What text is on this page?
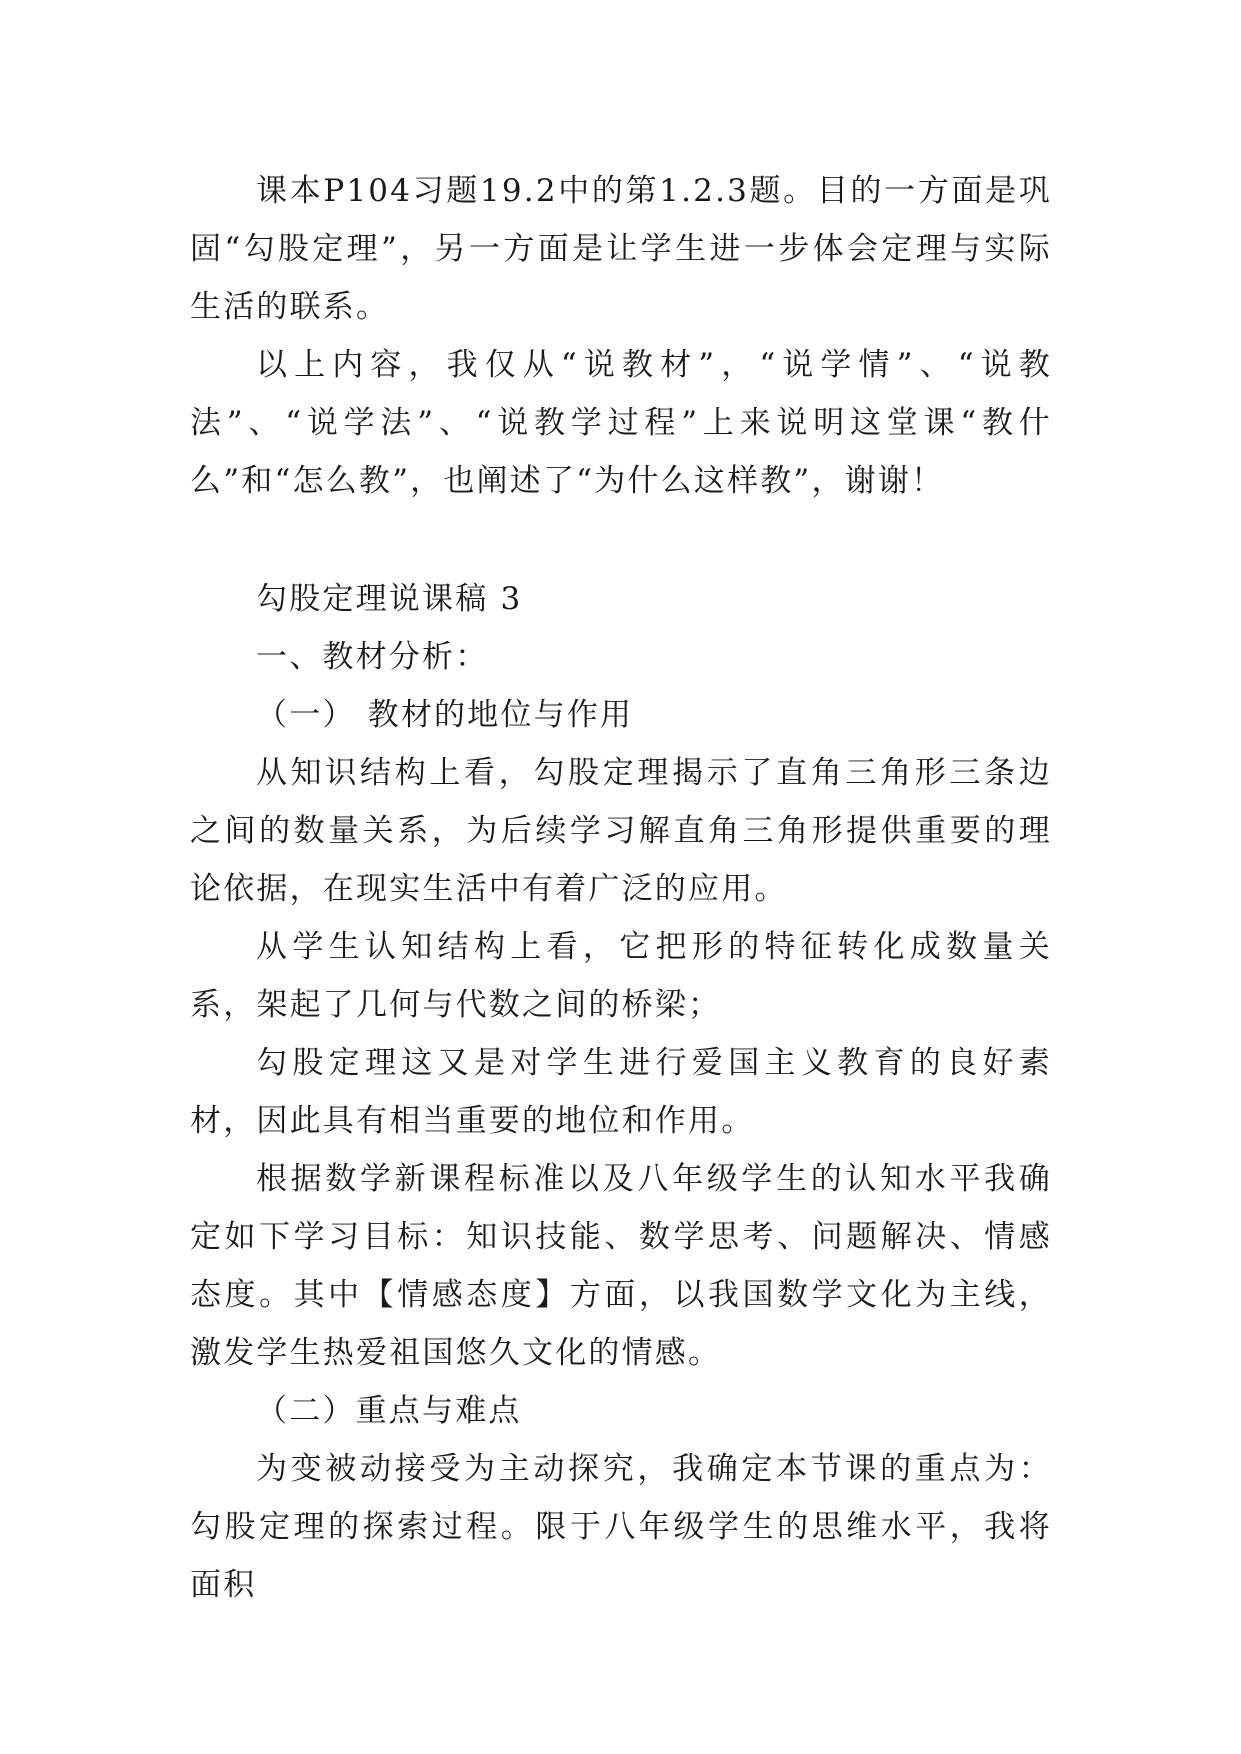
课本P104习题19.2中的第1.2.3题。目的一方面是巩固“勾股定理”，另一方面是让学生进一步体会定理与实际生活的联系。

以上内容，我仅从“说教材”，“说学情”、“说教法”、“说学法”、“说教学过程”上来说明这堂课“教什么”和“怎么教”，也阐述了“为什么这样教”，谢谢！

勾股定理说课稿 3

一、教材分析：

（一） 教材的地位与作用

从知识结构上看，勾股定理揭示了直角三角形三条边之间的数量关系，为后续学习解直角三角形提供重要的理论依据，在现实生活中有着广泛的应用。

从学生认知结构上看，它把形的特征转化成数量关系，架起了几何与代数之间的桥梁；

勾股定理这又是对学生进行爱国主义教育的良好素材，因此具有相当重要的地位和作用。

根据数学新课程标准以及八年级学生的认知水平我确定如下学习目标：知识技能、数学思考、问题解决、情感态度。其中【情感态度】方面，以我国数学文化为主线，激发学生热爱祖国悠久文化的情感。

（二）重点与难点

为变被动接受为主动探究，我确定本节课的重点为：勾股定理的探索过程。限于八年级学生的思维水平，我将面积
